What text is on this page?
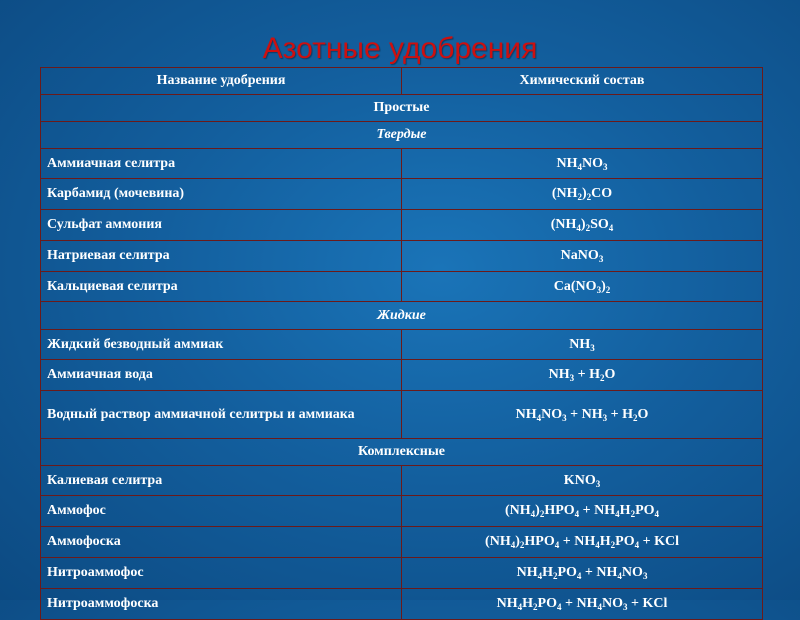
Азотные удобрения
Название удобрения	Химический состав
Простые	
Твердые	
Аммиачная селитра	$NH_4NO_3$
Карбамид (мочевина)	$(NH_2)_2CO$
Сульфат аммония	$(NH_4)_2SO_4$
Натриевая селитра	NaNO$_3$
Кальциевая селитра	$Ca(NO_3)_2$
Жидкие	
Жидкий безводный аммиак	$NH_3$
Аммиачная вода	$NH_3 + H_2O$

Водный раствор аммиачной селитры и аммиака	$NH_4NO_3 + NH_3 + H_2O$
Комплексные	
Калиевая селитра	$KNO_3$
Аммофос	$(NH_4)_2HPO_4 + NH_4H_2PO_4$
Аммофоска	$(NH_4)_2HPO_4 + NH_4H_2PO_4$ + KCl
Нитроаммофос	$NH_4H_2PO_4 + NH_4NO_3$
Нитроаммофоска	$NH_4H_2PO_4 + NH_4NO_3$ + KCl
